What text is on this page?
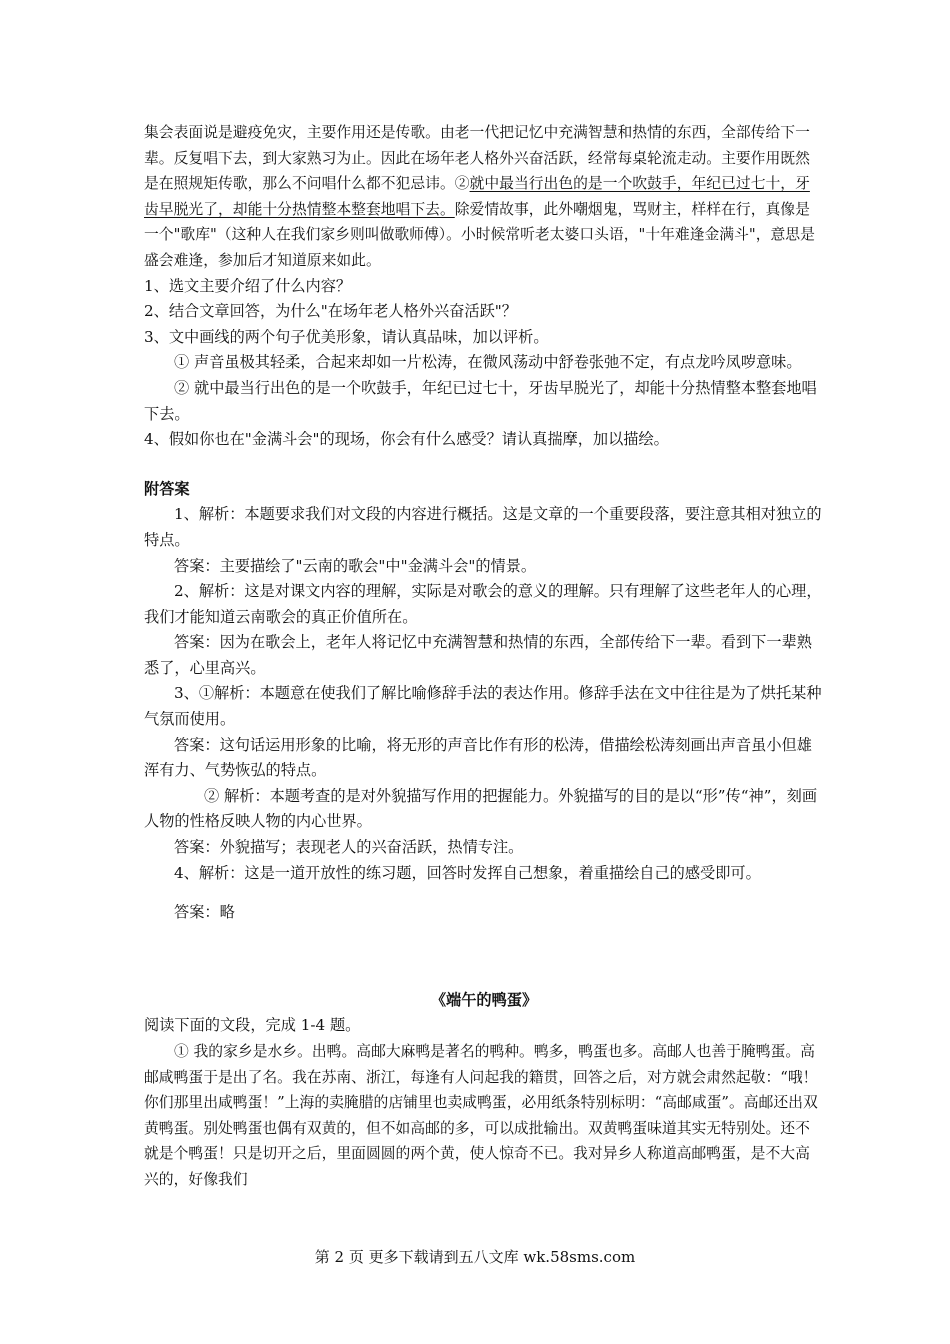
集会表面说是避疫免灾，主要作用还是传歌。由老一代把记忆中充满智慧和热情的东西，全部传给下一辈。反复唱下去，到大家熟习为止。因此在场年老人格外兴奋活跃，经常每桌轮流走动。主要作用既然是在照规矩传歌，那么不问唱什么都不犯忌讳。②就中最当行出色的是一个吹鼓手，年纪已过七十，牙齿早脱光了，却能十分热情整本整套地唱下去。除爱情故事，此外嘲烟鬼，骂财主，样样在行，真像是一个"歌库"（这种人在我们家乡则叫做歌师傅）。小时候常听老太婆口头语，"十年难逢金满斗"，意思是盛会难逢，参加后才知道原来如此。

1、选文主要介绍了什么内容？

2、结合文章回答，为什么"在场年老人格外兴奋活跃"？

3、文中画线的两个句子优美形象，请认真品味，加以评析。

① 声音虽极其轻柔，合起来却如一片松涛，在微风荡动中舒卷张弛不定，有点龙吟凤哕意味。

② 就中最当行出色的是一个吹鼓手，年纪已过七十，牙齿早脱光了，却能十分热情整本整套地唱下去。

4、假如你也在"金满斗会"的现场，你会有什么感受？请认真揣摩，加以描绘。

附答案

1、解析：本题要求我们对文段的内容进行概括。这是文章的一个重要段落，要注意其相对独立的特点。

答案：主要描绘了"云南的歌会"中"金满斗会"的情景。

2、解析：这是对课文内容的理解，实际是对歌会的意义的理解。只有理解了这些老年人的心理，我们才能知道云南歌会的真正价值所在。

答案：因为在歌会上，老年人将记忆中充满智慧和热情的东西，全部传给下一辈。看到下一辈熟悉了，心里高兴。

3、①解析：本题意在使我们了解比喻修辞手法的表达作用。修辞手法在文中往往是为了烘托某种气氛而使用。

答案：这句话运用形象的比喻，将无形的声音比作有形的松涛，借描绘松涛刻画出声音虽小但雄浑有力、气势恢弘的特点。

② 解析：本题考查的是对外貌描写作用的把握能力。外貌描写的目的是以“形”传“神”，刻画人物的性格反映人物的内心世界。

答案：外貌描写；表现老人的兴奋活跃，热情专注。

4、解析：这是一道开放性的练习题，回答时发挥自己想象，着重描绘自己的感受即可。

答案：略

《端午的鸭蛋》

阅读下面的文段，完成 1-4 题。

① 我的家乡是水乡。出鸭。高邮大麻鸭是著名的鸭种。鸭多，鸭蛋也多。高邮人也善于腌鸭蛋。高邮咸鸭蛋于是出了名。我在苏南、浙江，每逢有人问起我的籍贯，回答之后，对方就会肃然起敬：“哦！你们那里出咸鸭蛋！”上海的卖腌腊的店铺里也卖咸鸭蛋，必用纸条特别标明：“高邮咸蛋”。高邮还出双黄鸭蛋。别处鸭蛋也偶有双黄的，但不如高邮的多，可以成批输出。双黄鸭蛋味道其实无特别处。还不就是个鸭蛋！只是切开之后，里面圆圆的两个黄，使人惊奇不已。我对异乡人称道高邮鸭蛋，是不大高兴的，好像我们

第 2 页 更多下载请到五八文库 wk.58sms.com
